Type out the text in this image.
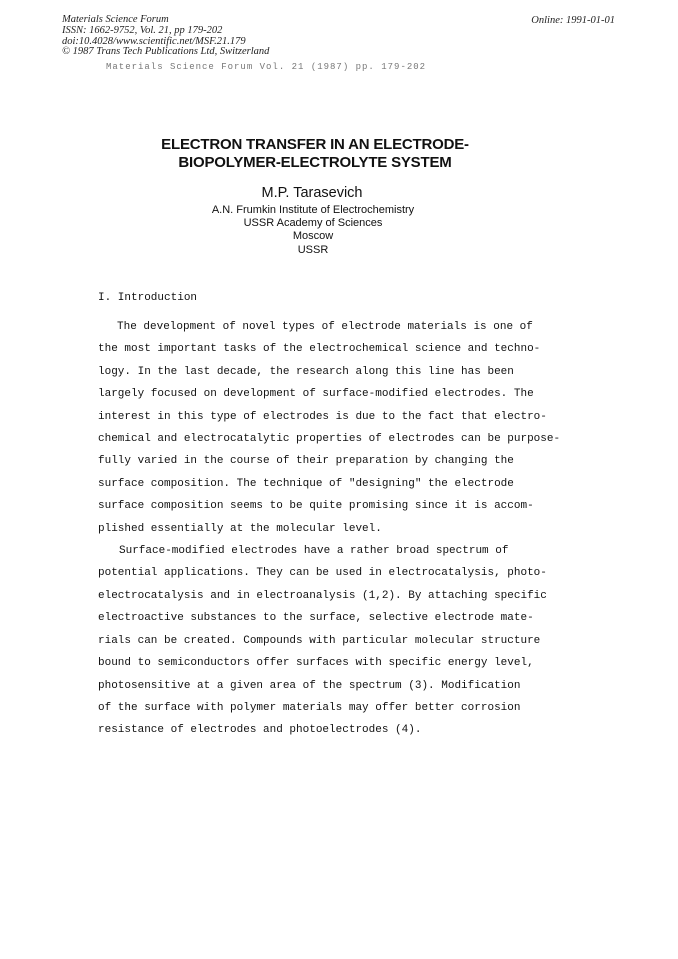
Materials Science Forum
ISSN: 1662-9752, Vol. 21, pp 179-202
doi:10.4028/www.scientific.net/MSF.21.179
© 1987 Trans Tech Publications Ltd, Switzerland
Online: 1991-01-01
Materials Science Forum Vol. 21 (1987) pp. 179-202
ELECTRON TRANSFER IN AN ELECTRODE-
BIOPOLYMER-ELECTROLYTE SYSTEM
M.P. Tarasevich
A.N. Frumkin Institute of Electrochemistry
USSR Academy of Sciences
Moscow
USSR
I. Introduction
The development of novel types of electrode materials is one of
the most important tasks of the electrochemical science and techno-
logy. In the last decade, the research along this line has been
largely focused on development of surface-modified electrodes. The
interest in this type of electrodes is due to the fact that electro-
chemical and electrocatalytic properties of electrodes can be purpose-
fully varied in the course of their preparation by changing the
surface composition. The technique of "designing" the electrode
surface composition seems to be quite promising since it is accom-
plished essentially at the molecular level.
Surface-modified electrodes have a rather broad spectrum of
potential applications. They can be used in electrocatalysis, photo-
electrocatalysis and in electroanalysis (1,2). By attaching specific
electroactive substances to the surface, selective electrode mate-
rials can be created. Compounds with particular molecular structure
bound to semiconductors offer surfaces with specific energy level,
photosensitive at a given area of the spectrum (3). Modification
of the surface with polymer materials may offer better corrosion
resistance of electrodes and photoelectrodes (4).
